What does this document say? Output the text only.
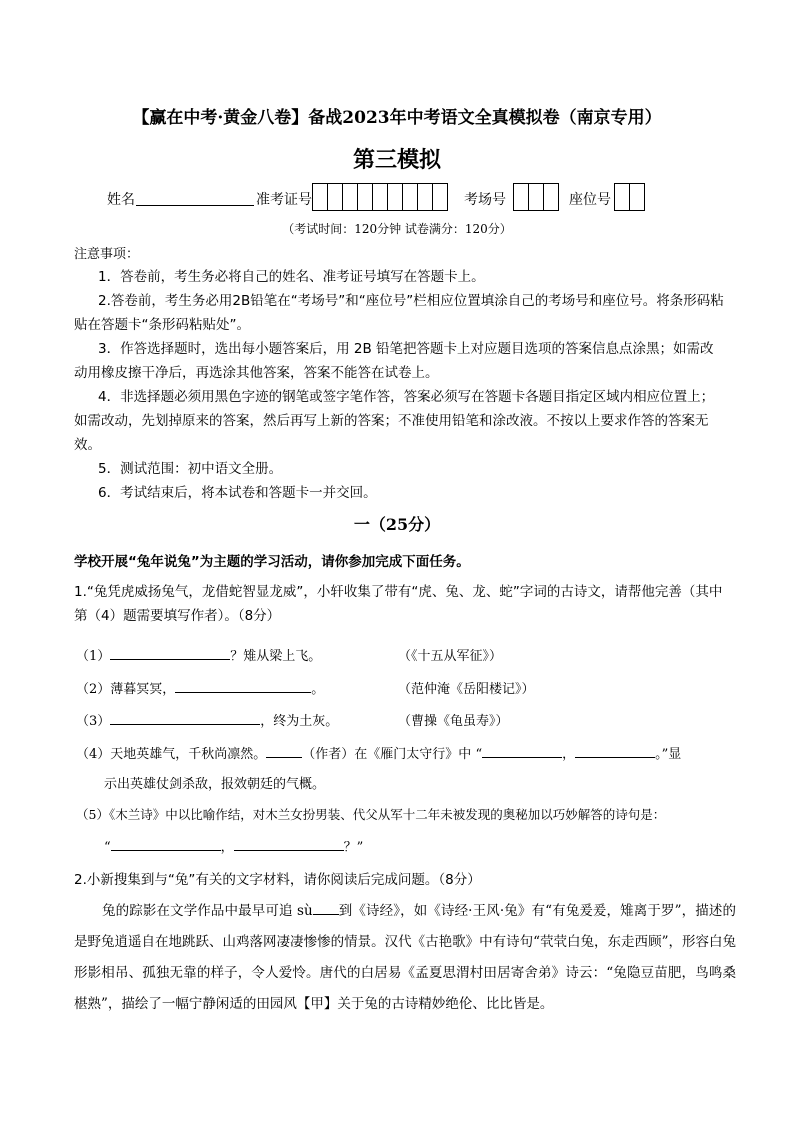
【赢在中考·黄金八卷】备战2023年中考语文全真模拟卷（南京专用）
第三模拟
姓名	准考证号	考场号	座位号
（考试时间：120分钟 试卷满分：120分）
注意事项：

1．答卷前，考生务必将自己的姓名、准考证号填写在答题卡上。

2.答卷前，考生务必用2B铅笔在“考场号”和“座位号”栏相应位置填涂自己的考场号和座位号。将条形码粘贴在答题卡“条形码粘贴处”。

3．作答选择题时，选出每小题答案后，用 2B 铅笔把答题卡上对应题目选项的答案信息点涂黑；如需改动用橡皮擦干净后，再选涂其他答案，答案不能答在试卷上。

4．非选择题必须用黑色字迹的钢笔或签字笔作答，答案必须写在答题卡各题目指定区域内相应位置上；如需改动，先划掉原来的答案，然后再写上新的答案；不准使用铅笔和涂改液。不按以上要求作答的答案无效。

5．测试范围：初中语文全册。

6．考试结束后，将本试卷和答题卡一并交回。

一（25分）
学校开展“兔年说兔”为主题的学习活动，请你参加完成下面任务。
1.“兔凭虎威扬兔气，龙借蛇智显龙威”，小轩收集了带有“虎、兔、龙、蛇”字词的古诗文，请帮他完善（其中第（4）题需要填写作者）。（8分）
（1）	？雉从梁上飞。	（《十五从军征》）
（2）薄暮冥冥，	。	（范仲淹《岳阳楼记》）
（3）	，终为土灰。	（曹操《龟虽寿》）
（4）天地英雄气，千秋尚凛然。	（作者）在《雁门太守行》中 “	，	。”显
示出英雄仗剑杀敌，报效朝廷的气概。
（5）《木兰诗》中以比喻作结，对木兰女扮男装、代父从军十二年未被发现的奥秘加以巧妙解答的诗句是：
“	，	？”
2.小新搜集到与“兔”有关的文字材料，请你阅读后完成问题。（8分）

兔的踪影在文学作品中最早可追 sù 到《诗经》，如《诗经·王风·兔》有“有兔爰爰，雉离于罗”，描述的是野兔逍遥自在地跳跃、山鸡落网凄凄惨惨的情景。汉代《古艳歌》中有诗句“茕茕白兔，东走西顾”，形容白兔形影相吊、孤独无靠的样子，令人爱怜。唐代的白居易《孟夏思渭村田居寄舍弟》诗云：“兔隐豆苗肥，鸟鸣桑椹熟”，描绘了一幅宁静闲适的田园风【甲】关于兔的古诗精妙绝伦、比比皆是。
